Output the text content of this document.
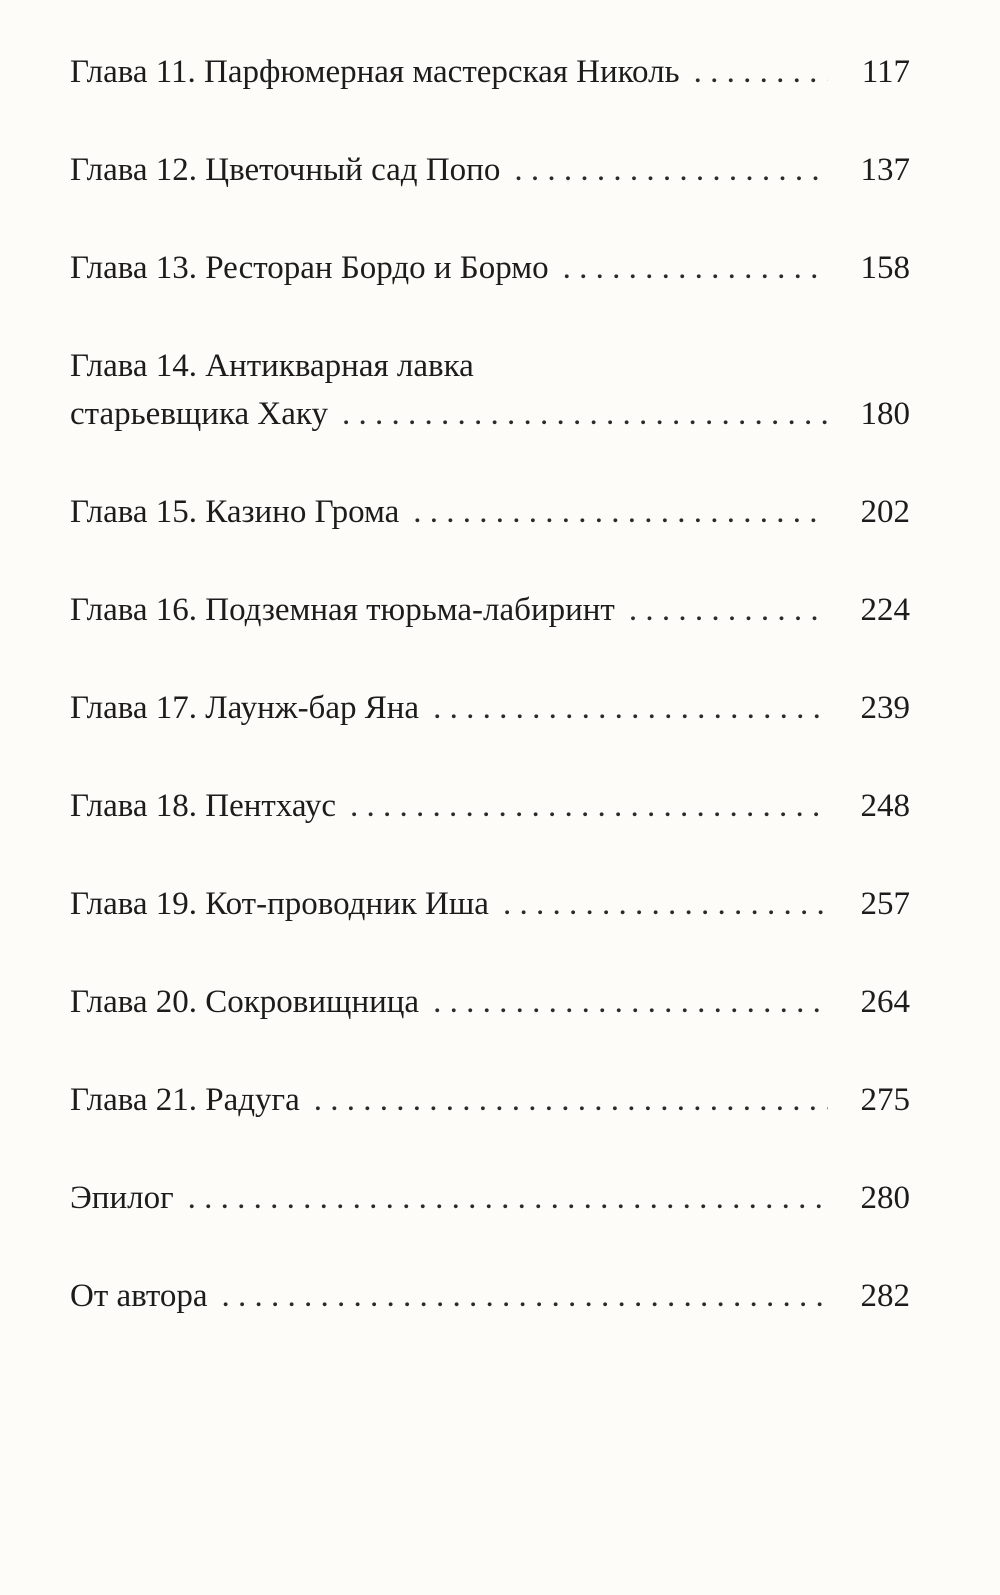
Глава 11. Парфюмерная мастерская Николь . . .	117
Глава 12. Цветочный сад Попо . . .	137
Глава 13. Ресторан Бордо и Бормо . . .	158
Глава 14. Антикварная лавка
старьевщика Хаку . . .	180
Глава 15. Казино Грома . . .	202
Глава 16. Подземная тюрьма-лабиринт . . .	224
Глава 17. Лаунж-бар Яна . . .	239
Глава 18. Пентхаус . . .	248
Глава 19. Кот-проводник Иша . . .	257
Глава 20. Сокровищница . . .	264
Глава 21. Радуга . . .	275
Эпилог . . .	280
От автора . . .	282
